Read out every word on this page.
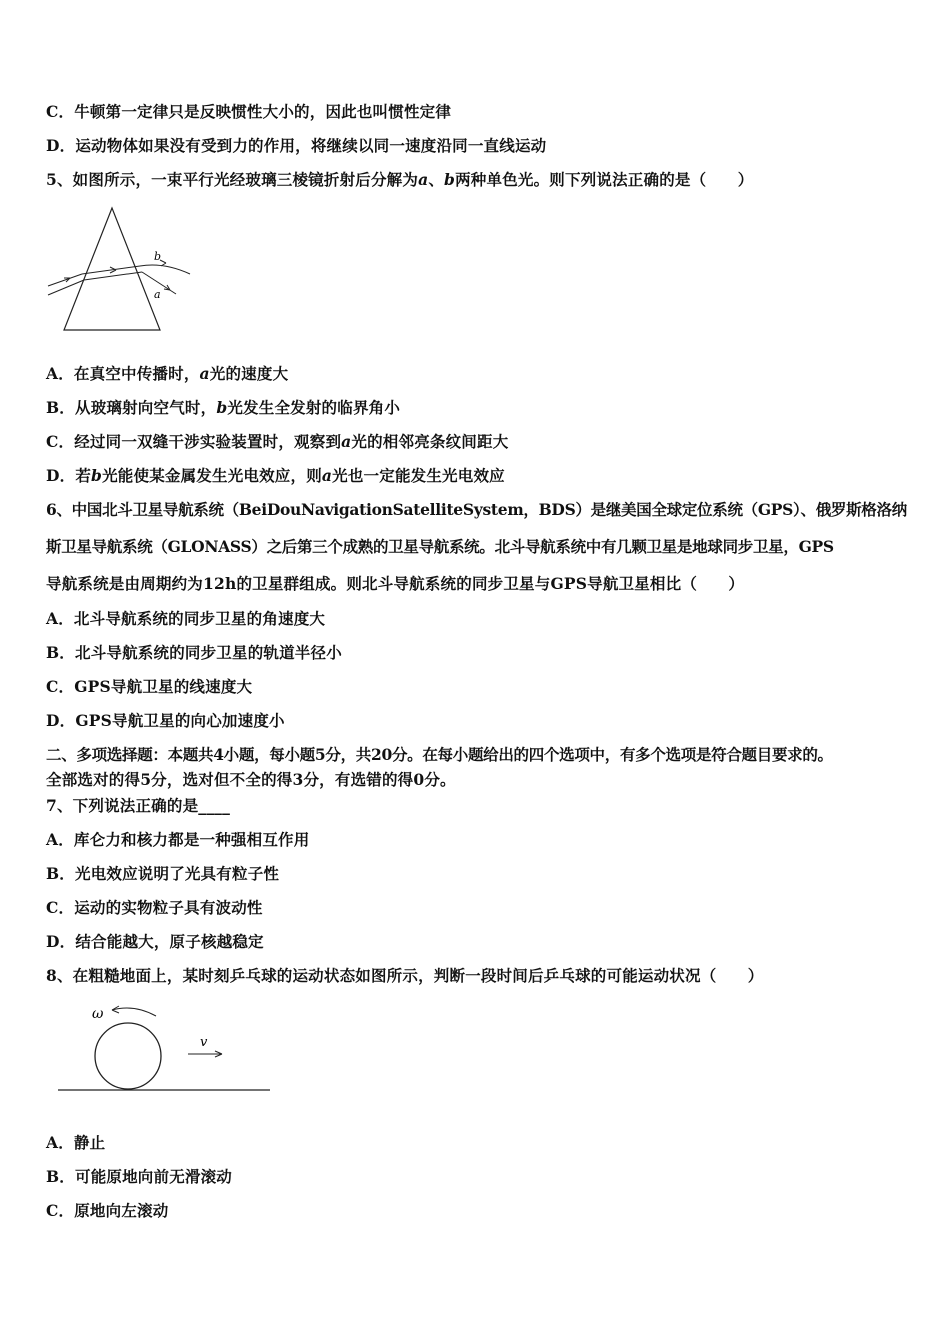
C．牛顿第一定律只是反映惯性大小的，因此也叫惯性定律
D．运动物体如果没有受到力的作用，将继续以同一速度沿同一直线运动
5、如图所示，一束平行光经玻璃三棱镜折射后分解为a、b两种单色光。则下列说法正确的是（　　）
b
a
A．在真空中传播时，a光的速度大
B．从玻璃射向空气时，b光发生全发射的临界角小
C．经过同一双缝干涉实验装置时，观察到a光的相邻亮条纹间距大
D．若b光能使某金属发生光电效应，则a光也一定能发生光电效应
6、中国北斗卫星导航系统（BeiDouNavigationSatelliteSystem，BDS）是继美国全球定位系统（GPS）、俄罗斯格洛纳
斯卫星导航系统（GLONASS）之后第三个成熟的卫星导航系统。北斗导航系统中有几颗卫星是地球同步卫星，GPS
导航系统是由周期约为12h的卫星群组成。则北斗导航系统的同步卫星与GPS导航卫星相比（　　）
A．北斗导航系统的同步卫星的角速度大
B．北斗导航系统的同步卫星的轨道半径小
C．GPS导航卫星的线速度大
D．GPS导航卫星的向心加速度小
二、多项选择题：本题共4小题，每小题5分，共20分。在每小题给出的四个选项中，有多个选项是符合题目要求的。
全部选对的得5分，选对但不全的得3分，有选错的得0分。
7、下列说法正确的是____
A．库仑力和核力都是一种强相互作用
B．光电效应说明了光具有粒子性
C．运动的实物粒子具有波动性
D．结合能越大，原子核越稳定
8、在粗糙地面上，某时刻乒乓球的运动状态如图所示，判断一段时间后乒乓球的可能运动状况（　　）
ω
v
A．静止
B．可能原地向前无滑滚动
C．原地向左滚动
